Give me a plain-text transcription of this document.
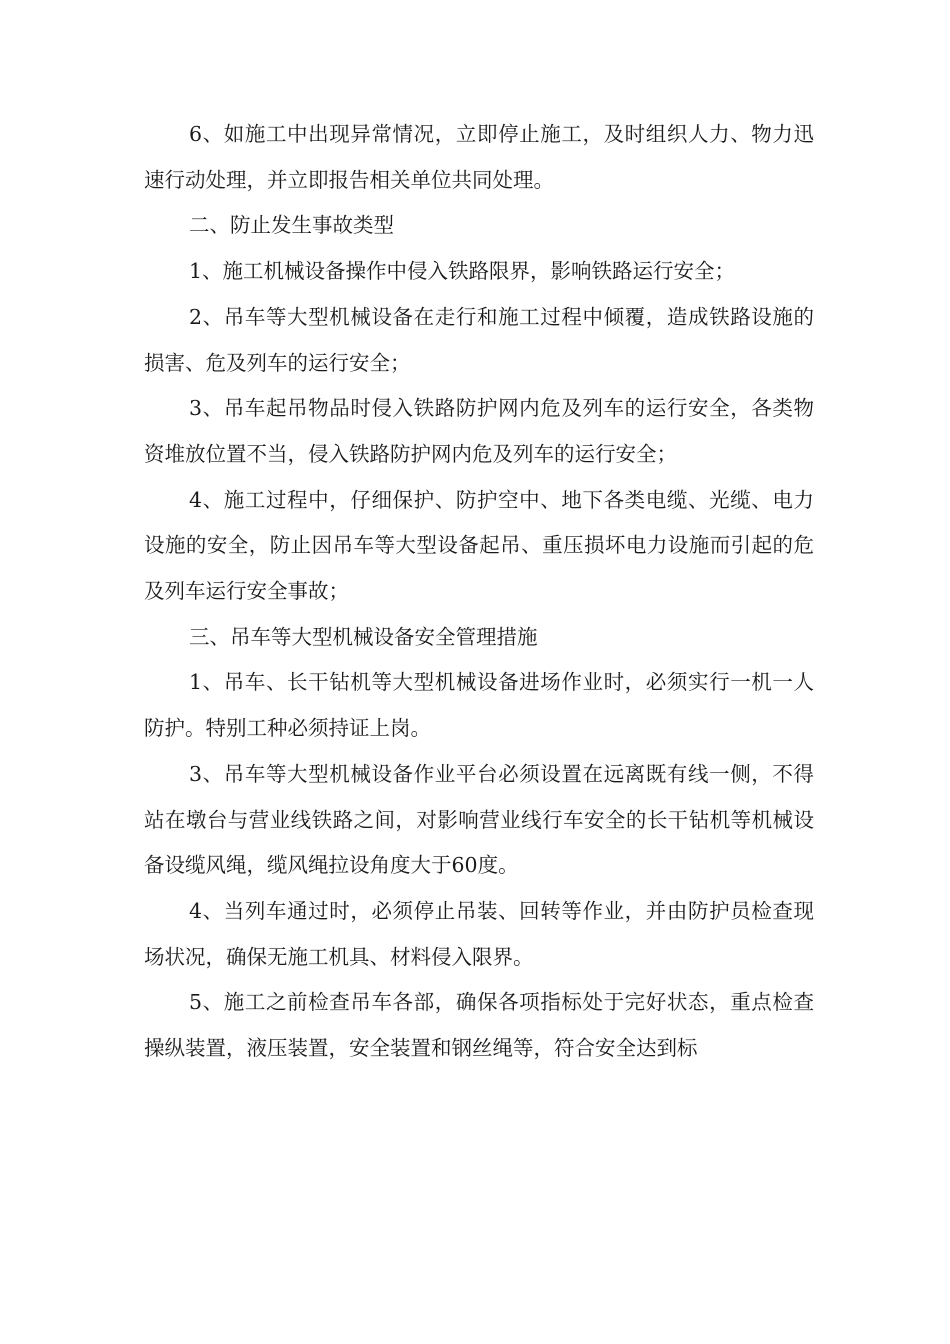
6、如施工中出现异常情况，立即停止施工，及时组织人力、物力迅速行动处理，并立即报告相关单位共同处理。

二、防止发生事故类型

1、施工机械设备操作中侵入铁路限界，影响铁路运行安全；

2、吊车等大型机械设备在走行和施工过程中倾覆，造成铁路设施的损害、危及列车的运行安全；

3、吊车起吊物品时侵入铁路防护网内危及列车的运行安全，各类物资堆放位置不当，侵入铁路防护网内危及列车的运行安全；

4、施工过程中，仔细保护、防护空中、地下各类电缆、光缆、电力设施的安全，防止因吊车等大型设备起吊、重压损坏电力设施而引起的危及列车运行安全事故；

三、吊车等大型机械设备安全管理措施

1、吊车、长干钻机等大型机械设备进场作业时，必须实行一机一人防护。特别工种必须持证上岗。

3、吊车等大型机械设备作业平台必须设置在远离既有线一侧，不得站在墩台与营业线铁路之间，对影响营业线行车安全的长干钻机等机械设备设缆风绳，缆风绳拉设角度大于60度。

4、当列车通过时，必须停止吊装、回转等作业，并由防护员检查现场状况，确保无施工机具、材料侵入限界。

5、施工之前检查吊车各部，确保各项指标处于完好状态，重点检查操纵装置，液压装置，安全装置和钢丝绳等，符合安全达到标
